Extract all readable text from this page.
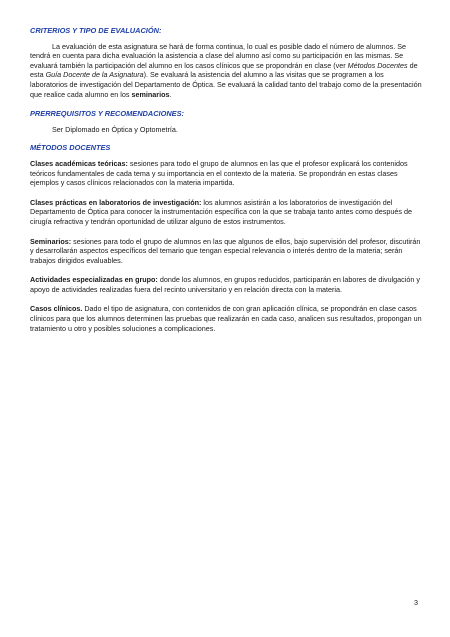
CRITERIOS Y TIPO DE EVALUACIÓN:

La evaluación de esta asignatura se hará de forma continua, lo cual es posible dado el número de alumnos. Se tendrá en cuenta para dicha evaluación la asistencia a clase del alumno así como su participación en las mismas. Se evaluará también la participación del alumno en los casos clínicos que se propondrán en clase (ver Métodos Docentes de esta Guía Docente de la Asignatura). Se evaluará la asistencia del alumno a las visitas que se programen a los laboratorios de investigación del Departamento de Óptica. Se evaluará la calidad tanto del trabajo como de la presentación que realice cada alumno en los seminarios.

PRERREQUISITOS Y RECOMENDACIONES:

Ser Diplomado en Óptica y Optometría.

MÉTODOS DOCENTES

Clases académicas teóricas: sesiones para todo el grupo de alumnos en las que el profesor explicará los contenidos teóricos fundamentales de cada tema y su importancia en el contexto de la materia. Se propondrán en estas clases ejemplos y casos clínicos relacionados con la materia impartida.

Clases prácticas en laboratorios de investigación: los alumnos asistirán a los laboratorios de investigación del Departamento de Óptica para conocer la instrumentación específica con la que se trabaja tanto antes como después de cirugía refractiva y tendrán oportunidad de utilizar alguno de estos instrumentos.

Seminarios: sesiones para todo el grupo de alumnos en las que algunos de ellos, bajo supervisión del profesor, discutirán y desarrollarán aspectos específicos del temario que tengan especial relevancia o interés dentro de la materia; serán trabajos dirigidos evaluables.

Actividades especializadas en grupo: donde los alumnos, en grupos reducidos, participarán en labores de divulgación y apoyo de actividades realizadas fuera del recinto universitario y en relación directa con la materia.

Casos clínicos. Dado el tipo de asignatura, con contenidos de con gran aplicación clínica, se propondrán en clase casos clínicos para que los alumnos determinen las pruebas que realizarán en cada caso, analicen sus resultados, propongan un tratamiento u otro y posibles soluciones a complicaciones.

3
